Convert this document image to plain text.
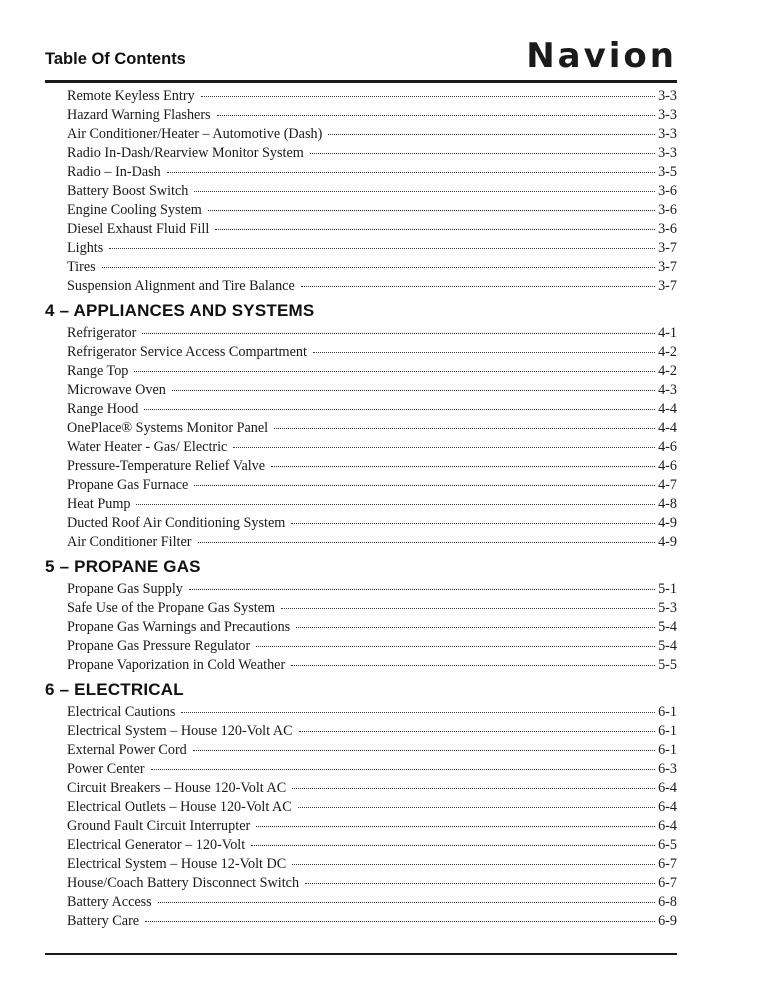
Table Of Contents	Navion
Remote Keyless Entry	3-3
Hazard Warning Flashers	3-3
Air Conditioner/Heater – Automotive (Dash)	3-3
Radio In-Dash/Rearview Monitor System	3-3
Radio – In-Dash	3-5
Battery Boost Switch	3-6
Engine Cooling System	3-6
Diesel Exhaust Fluid Fill	3-6
Lights	3-7
Tires	3-7
Suspension Alignment and Tire Balance	3-7
4 – APPLIANCES AND SYSTEMS
Refrigerator	4-1
Refrigerator Service Access Compartment	4-2
Range Top	4-2
Microwave Oven	4-3
Range Hood	4-4
OnePlace® Systems Monitor Panel	4-4
Water Heater - Gas/ Electric	4-6
Pressure-Temperature Relief Valve	4-6
Propane Gas Furnace	4-7
Heat Pump	4-8
Ducted Roof Air Conditioning System	4-9
Air Conditioner Filter	4-9
5 – PROPANE GAS
Propane Gas Supply	5-1
Safe Use of the Propane Gas System	5-3
Propane Gas Warnings and Precautions	5-4
Propane Gas Pressure Regulator	5-4
Propane Vaporization in Cold Weather	5-5
6 – ELECTRICAL
Electrical Cautions	6-1
Electrical System – House 120-Volt AC	6-1
External Power Cord	6-1
Power Center	6-3
Circuit Breakers – House 120-Volt AC	6-4
Electrical Outlets – House 120-Volt AC	6-4
Ground Fault Circuit Interrupter	6-4
Electrical Generator – 120-Volt	6-5
Electrical System – House 12-Volt DC	6-7
House/Coach Battery Disconnect Switch	6-7
Battery Access	6-8
Battery Care	6-9
